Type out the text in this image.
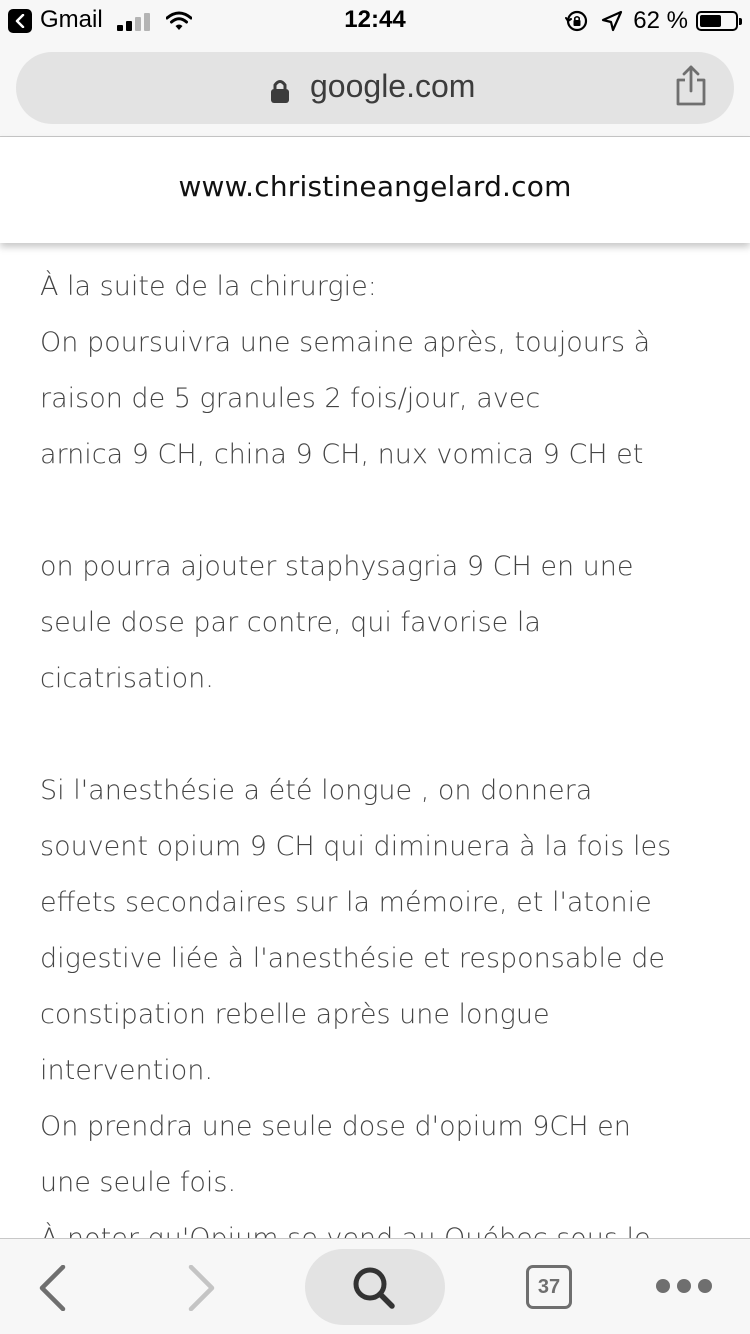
Gmail	12:44	62 %
google.com
www.christineangelard.com

À la suite de la chirurgie:

On poursuivra une semaine après, toujours à

raison de 5 granules 2 fois/jour, avec

arnica 9 CH, china 9 CH, nux vomica 9 CH et

on pourra ajouter staphysagria 9 CH en une

seule dose par contre, qui favorise la

cicatrisation.

Si l'anesthésie a été longue , on donnera

souvent opium 9 CH qui diminuera à la fois les

effets secondaires sur la mémoire, et l'atonie

digestive liée à l'anesthésie et responsable de

constipation rebelle après une longue

intervention.

On prendra une seule dose d'opium 9CH en

une seule fois.

37
